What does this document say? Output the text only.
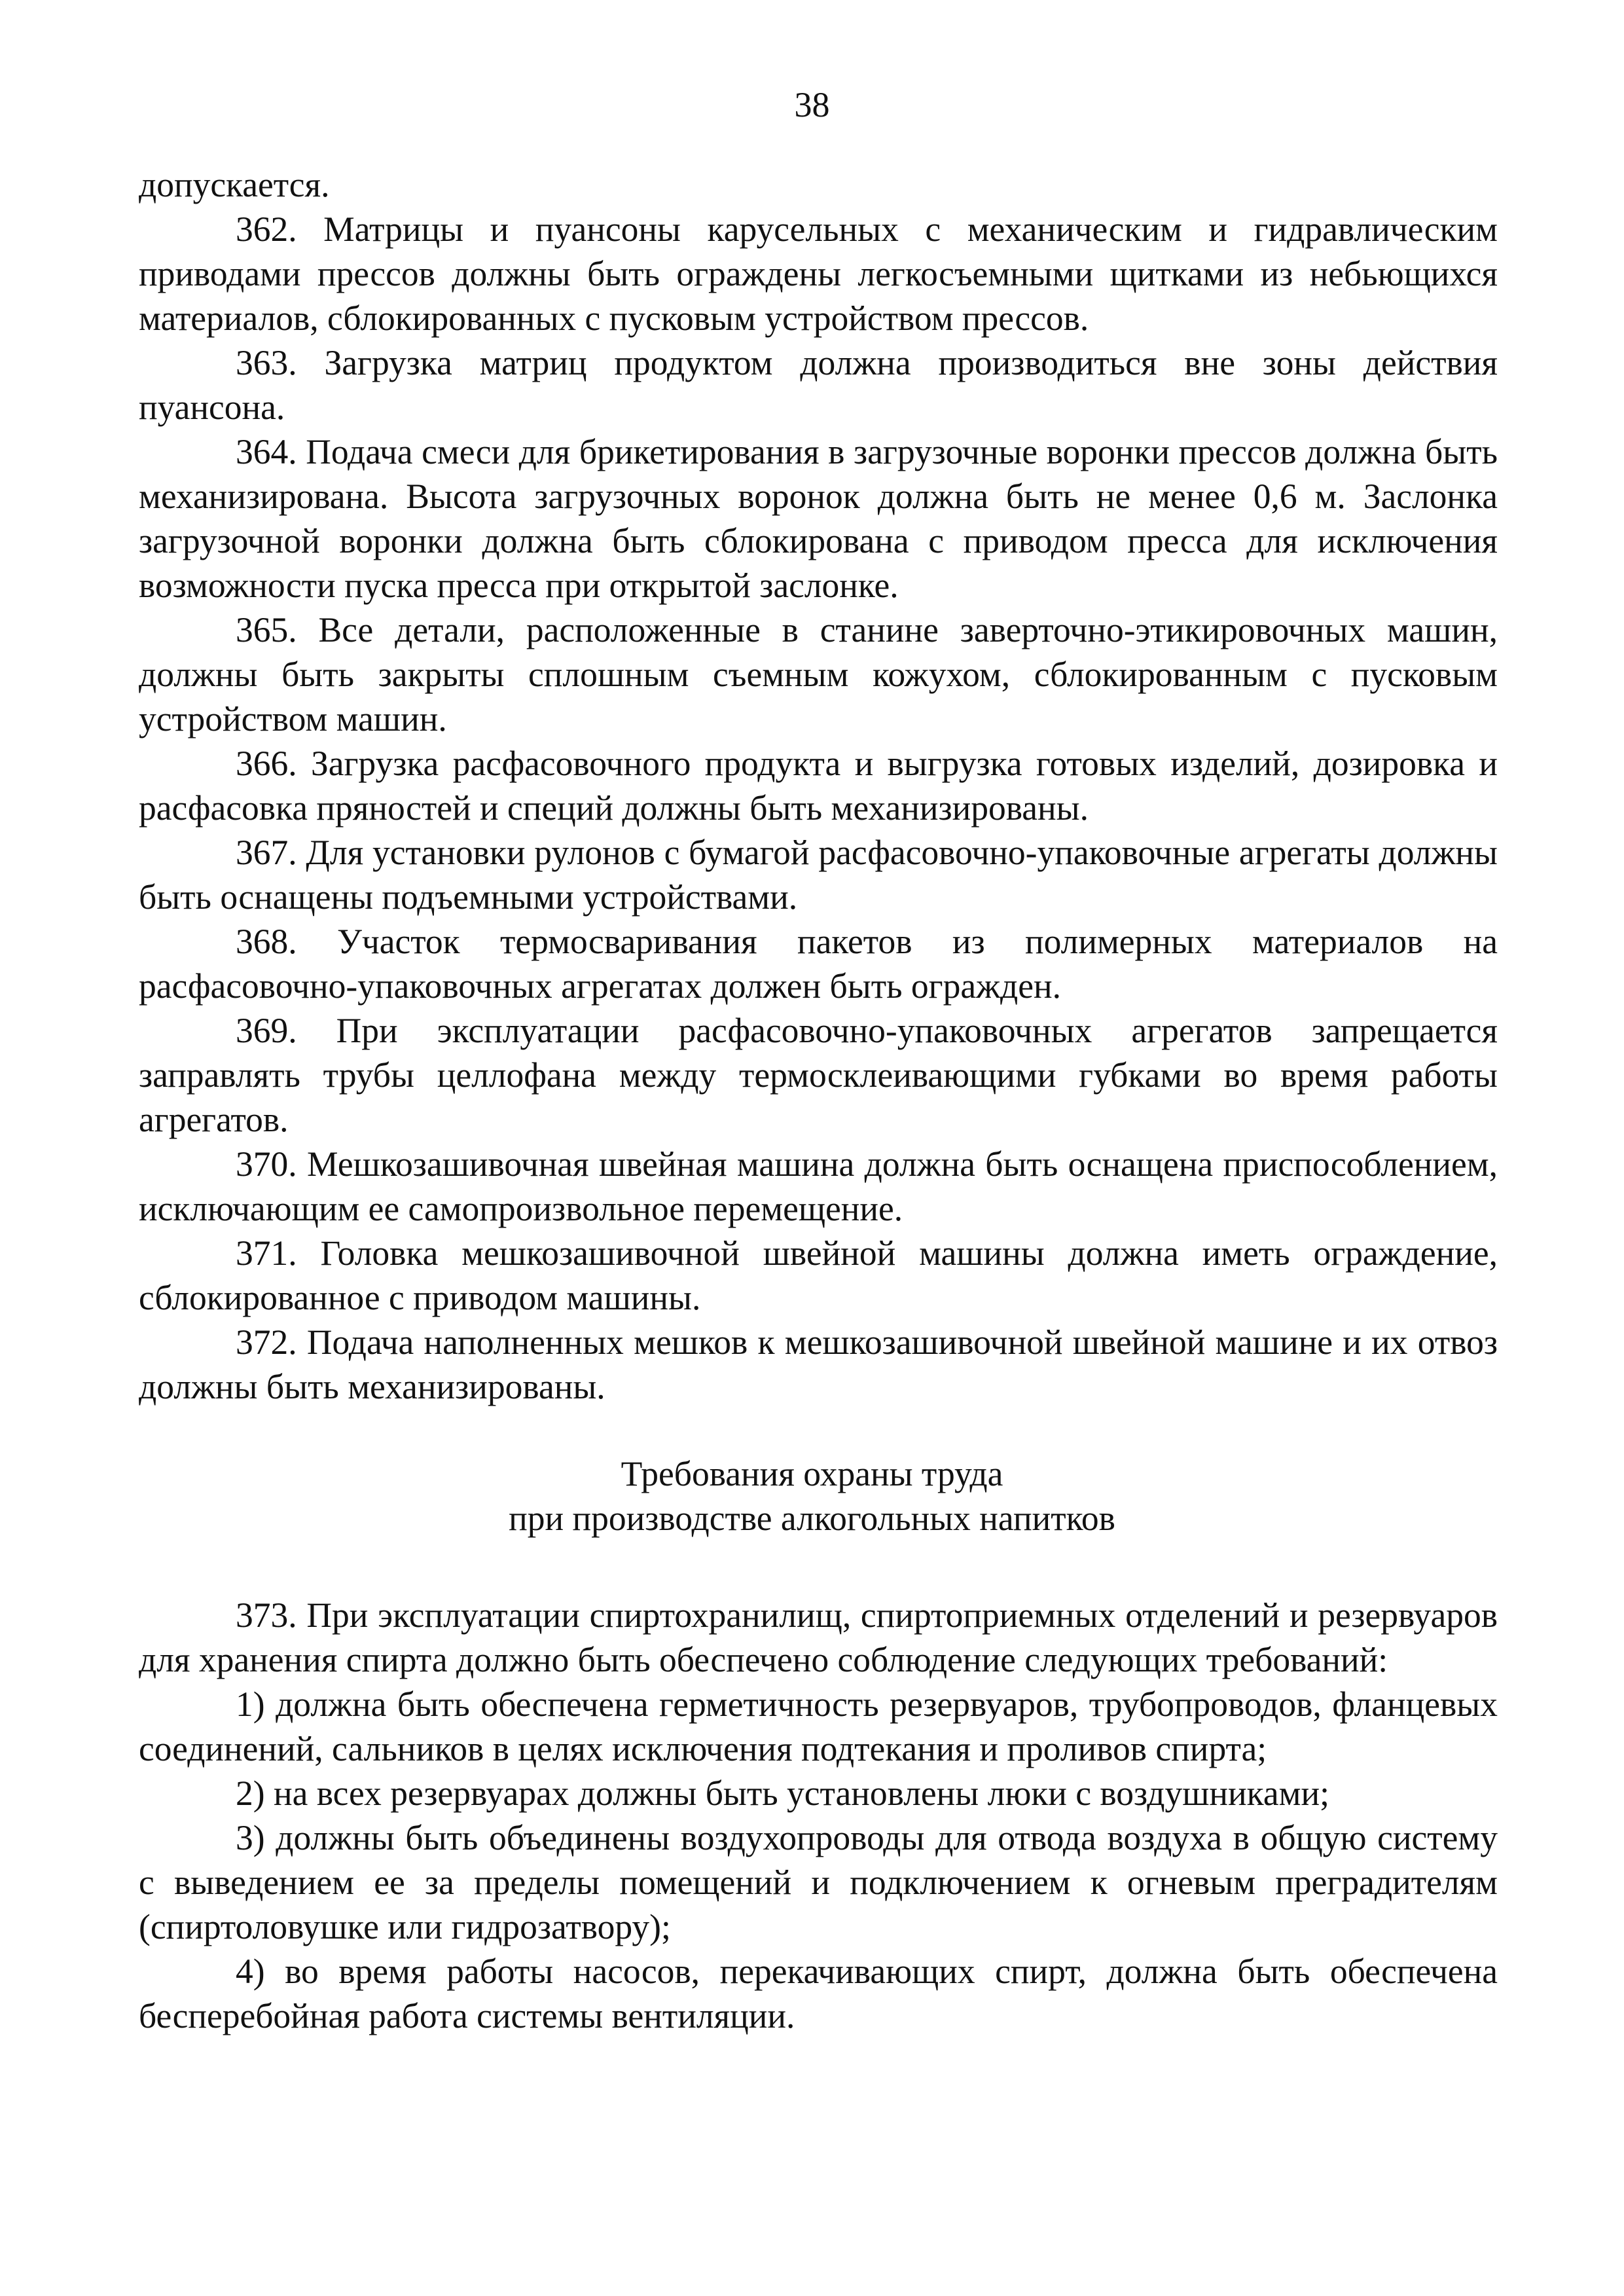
38

допускается.

362. Матрицы и пуансоны карусельных с механическим и гидравлическим приводами прессов должны быть ограждены легкосъемными щитками из небьющихся материалов, сблокированных с пусковым устройством прессов.

363. Загрузка матриц продуктом должна производиться вне зоны действия пуансона.

364. Подача смеси для брикетирования в загрузочные воронки прессов должна быть механизирована. Высота загрузочных воронок должна быть не менее 0,6 м. Заслонка загрузочной воронки должна быть сблокирована с приводом пресса для исключения возможности пуска пресса при открытой заслонке.

365. Все детали, расположенные в станине заверточно-этикировочных машин, должны быть закрыты сплошным съемным кожухом, сблокированным с пусковым устройством машин.

366. Загрузка расфасовочного продукта и выгрузка готовых изделий, дозировка и расфасовка пряностей и специй должны быть механизированы.

367. Для установки рулонов с бумагой расфасовочно-упаковочные агрегаты должны быть оснащены подъемными устройствами.

368. Участок термосваривания пакетов из полимерных материалов на расфасовочно-упаковочных агрегатах должен быть огражден.

369. При эксплуатации расфасовочно-упаковочных агрегатов запрещается заправлять трубы целлофана между термосклеивающими губками во время работы агрегатов.

370. Мешкозашивочная швейная машина должна быть оснащена приспособлением, исключающим ее самопроизвольное перемещение.

371. Головка мешкозашивочной швейной машины должна иметь ограждение, сблокированное с приводом машины.

372. Подача наполненных мешков к мешкозашивочной швейной машине и их отвоз должны быть механизированы.

Требования охраны труда
при производстве алкогольных напитков

373. При эксплуатации спиртохранилищ, спиртоприемных отделений и резервуаров для хранения спирта должно быть обеспечено соблюдение следующих требований:

1) должна быть обеспечена герметичность резервуаров, трубопроводов, фланцевых соединений, сальников в целях исключения подтекания и проливов спирта;

2) на всех резервуарах должны быть установлены люки с воздушниками;

3) должны быть объединены воздухопроводы для отвода воздуха в общую систему с выведением ее за пределы помещений и подключением к огневым преградителям (спиртоловушке или гидрозатвору);

4) во время работы насосов, перекачивающих спирт, должна быть обеспечена бесперебойная работа системы вентиляции.
